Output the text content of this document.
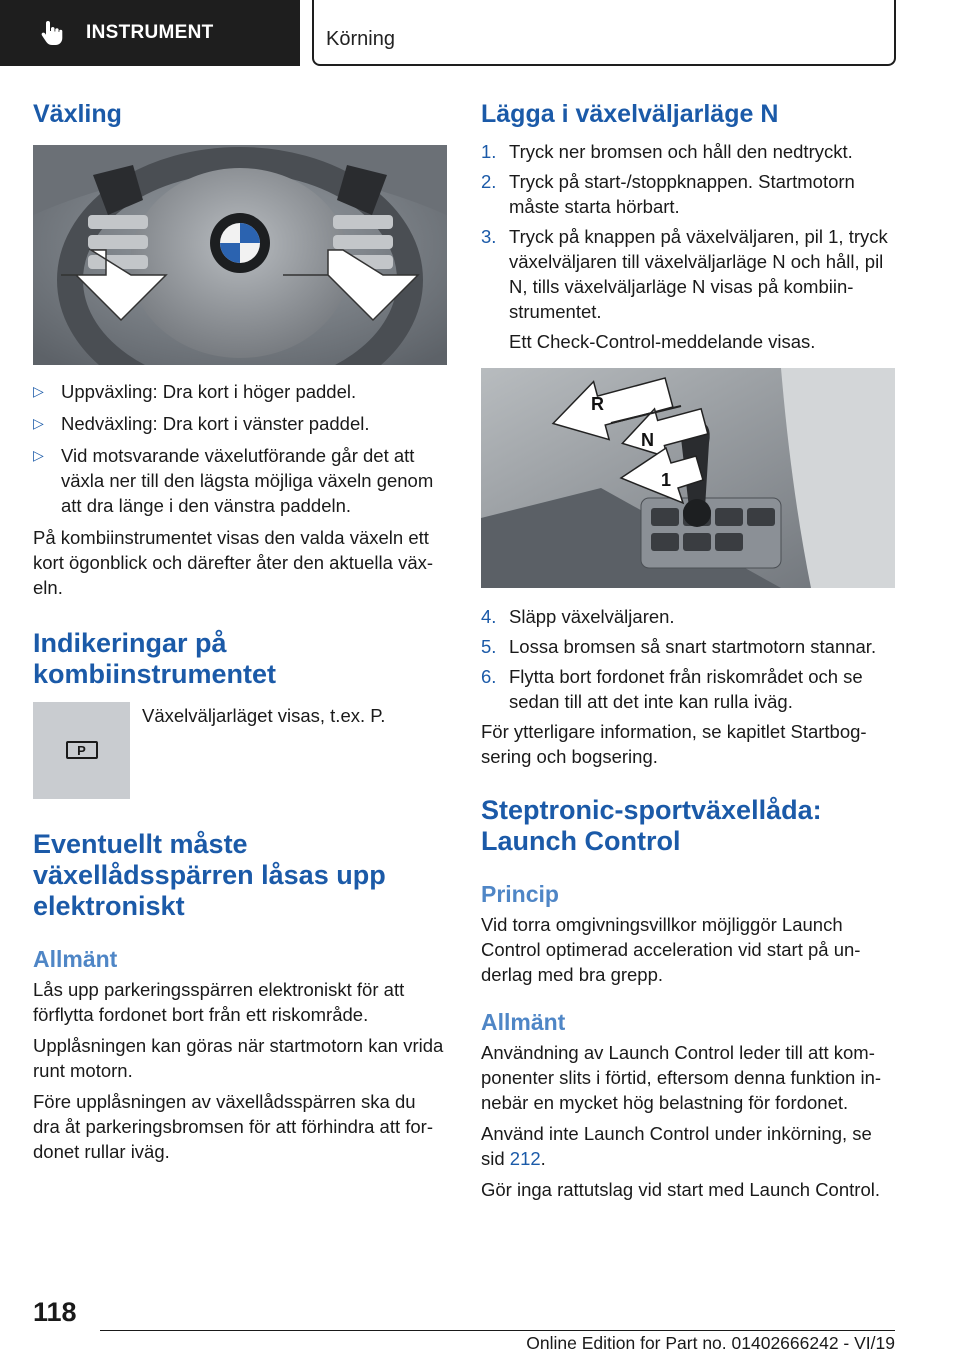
INSTRUMENT	Körning
Växling
▷ Uppväxling: Dra kort i höger paddel.
▷ Nedväxling: Dra kort i vänster paddel.
▷ Vid motsvarande växelutförande går det att växla ner till den lägsta möjliga växeln genom att dra länge i den vänstra paddeln.

På kombiinstrumentet visas den valda växeln ett kort ögonblick och därefter åter den aktuella växeln.

Indikeringar på kombiinstrumentet
P

Växelväljarläget visas, t.ex. P.

Eventuellt måste växellådsspärren låsas upp elektroniskt
Allmänt

Lås upp parkeringsspärren elektroniskt för att förflytta fordonet bort från ett riskområde.

Upplåsningen kan göras när startmotorn kan vrida runt motorn.

Före upplåsningen av växellådsspärren ska du dra åt parkeringsbromsen för att förhindra att fordonet rullar iväg.

Lägga i växelväljarläge N
1. Tryck ner bromsen och håll den nedtryckt.
2. Tryck på start-/stoppknappen. Startmotorn måste starta hörbart.
3. Tryck på knappen på växelväljaren, pil 1, tryck växelväljaren till växelväljarläge N och håll, pil N, tills växelväljarläge N visas på kombiinstrumentet.

Ett Check-Control-meddelande visas.

R
N
1
4. Släpp växelväljaren.
5. Lossa bromsen så snart startmotorn stannar.
6. Flytta bort fordonet från riskområdet och se sedan till att det inte kan rulla iväg.

För ytterligare information, se kapitlet Startbogsering och bogsering.

Steptronic-sportväxellåda: Launch Control
Princip

Vid torra omgivningsvillkor möjliggör Launch Control optimerad acceleration vid start på underlag med bra grepp.

Allmänt

Användning av Launch Control leder till att komponenter slits i förtid, eftersom denna funktion innebär en mycket hög belastning för fordonet.

Använd inte Launch Control under inkörning, se sid 212.

Gör inga rattutslag vid start med Launch Control.

118
Online Edition for Part no. 01402666242 - VI/19
